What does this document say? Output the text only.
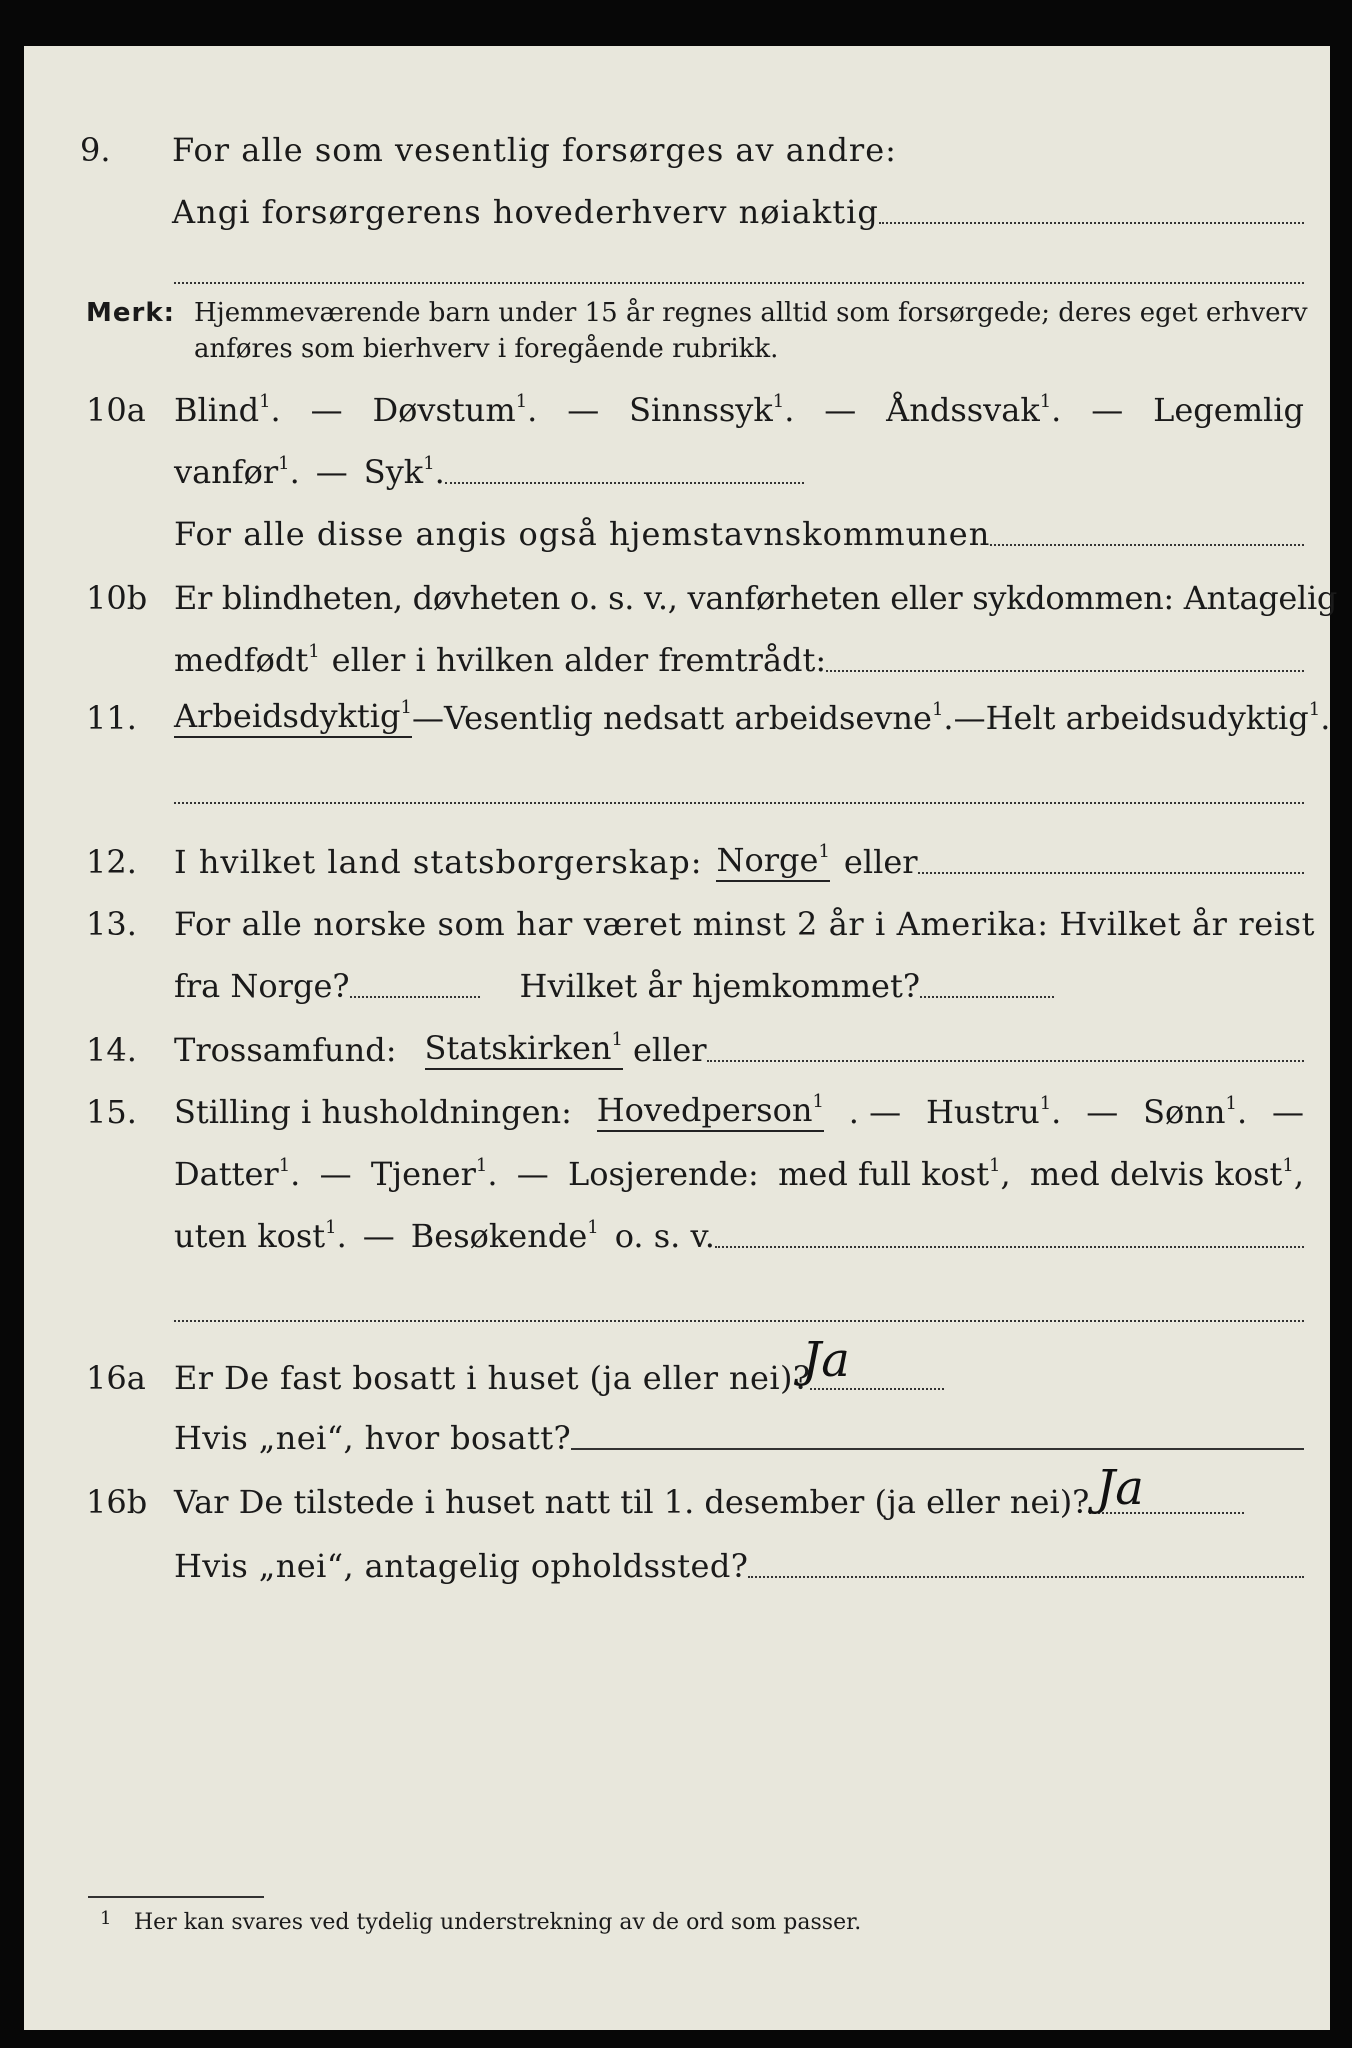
9. For alle som vesentlig forsørges av andre:
Angi forsørgerens hovederhverv nøiaktig
Merk: Hjemmeværende barn under 15 år regnes alltid som forsørgede; deres eget erhverv
anføres som bierhverv i foregående rubrikk.
10a Blind$^1$. — Døvstum$^1$. — Sinnssyk$^1$. — Åndssvak$^1$. — Legemlig
vanfør$^1$. — Syk$^1$.
For alle disse angis også hjemstavnskommunen
10b Er blindheten, døvheten o. s. v., vanførheten eller sykdommen: Antagelig
medfødt$^1$ eller i hvilken alder fremtrådt:
11. Arbeidsdyktig$^1$ — Vesentlig nedsatt arbeidsevne$^1$. — Helt arbeidsudyktig$^1$.
12. I hvilket land statsborgerskap: Norge$^1$ eller
13. For alle norske som har været minst 2 år i Amerika: Hvilket år reist
fra Norge?	Hvilket år hjemkommet?
14. Trossamfund: Statskirken$^1$ eller
15. Stilling i husholdningen: Hovedperson$^1$ . — Hustru$^1$. — Sønn$^1$. —
Datter$^1$. — Tjener$^1$. — Losjerende: med full kost$^1$, med delvis kost$^1$,
uten kost$^1$. — Besøkende$^1$ o. s. v.
16a Er De fast bosatt i huset (ja eller nei)?
Ja
Hvis „nei“, hvor bosatt?
16b Var De tilstede i huset natt til 1. desember (ja eller nei)? Ja
Hvis „nei“, antagelig opholdssted?
1 Her kan svares ved tydelig understrekning av de ord som passer.
